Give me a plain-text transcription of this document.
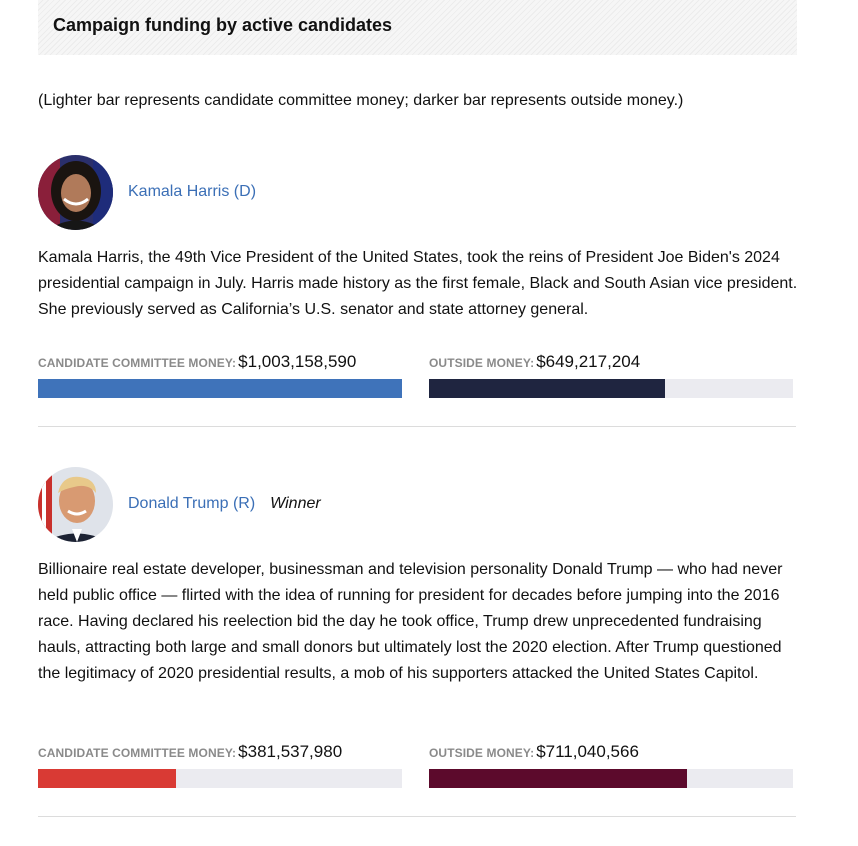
Campaign funding by active candidates
(Lighter bar represents candidate committee money; darker bar represents outside money.)
Kamala Harris (D)

Kamala Harris, the 49th Vice President of the United States, took the reins of President Joe Biden's 2024 presidential campaign in July. Harris made history as the first female, Black and South Asian vice president. She previously served as California’s U.S. senator and state attorney general.

CANDIDATE COMMITTEE MONEY: $1,003,158,590	OUTSIDE MONEY: $649,217,204
Donald Trump (R) Winner

Billionaire real estate developer, businessman and television personality Donald Trump — who had never held public office — flirted with the idea of running for president for decades before jumping into the 2016 race. Having declared his reelection bid the day he took office, Trump drew unprecedented fundraising hauls, attracting both large and small donors but ultimately lost the 2020 election. After Trump questioned the legitimacy of 2020 presidential results, a mob of his supporters attacked the United States Capitol.

CANDIDATE COMMITTEE MONEY: $381,537,980	OUTSIDE MONEY: $711,040,566
